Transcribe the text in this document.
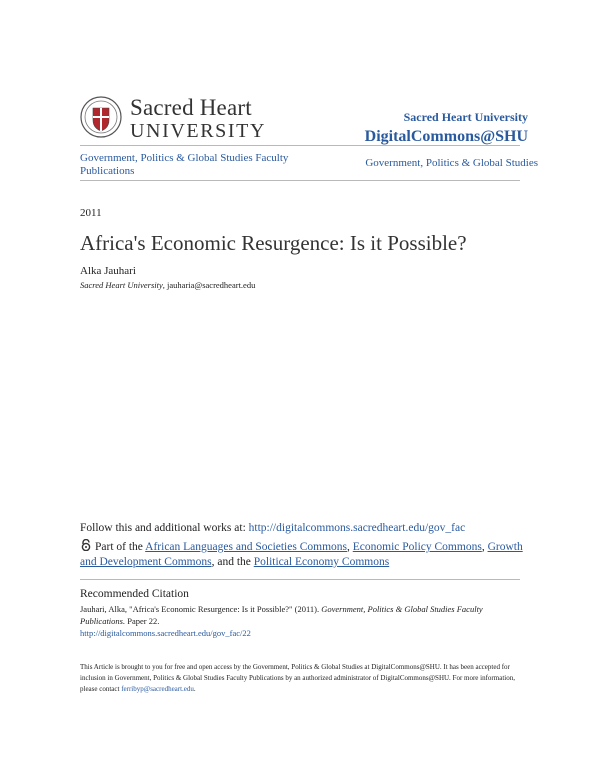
Sacred Heart
UNIVERSITY
Sacred Heart University
DigitalCommons@SHU
Government, Politics & Global Studies Faculty Publications
Government, Politics & Global Studies
2011
Africa's Economic Resurgence: Is it Possible?
Alka Jauhari
Sacred Heart University, jauharia@sacredheart.edu
Follow this and additional works at: http://digitalcommons.sacredheart.edu/gov_fac
Part of the African Languages and Societies Commons, Economic Policy Commons, Growth and Development Commons, and the Political Economy Commons
Recommended Citation
Jauhari, Alka, "Africa's Economic Resurgence: Is it Possible?" (2011). Government, Politics & Global Studies Faculty Publications. Paper 22.
http://digitalcommons.sacredheart.edu/gov_fac/22
This Article is brought to you for free and open access by the Government, Politics & Global Studies at DigitalCommons@SHU. It has been accepted for inclusion in Government, Politics & Global Studies Faculty Publications by an authorized administrator of DigitalCommons@SHU. For more information, please contact ferribyp@sacredheart.edu.
